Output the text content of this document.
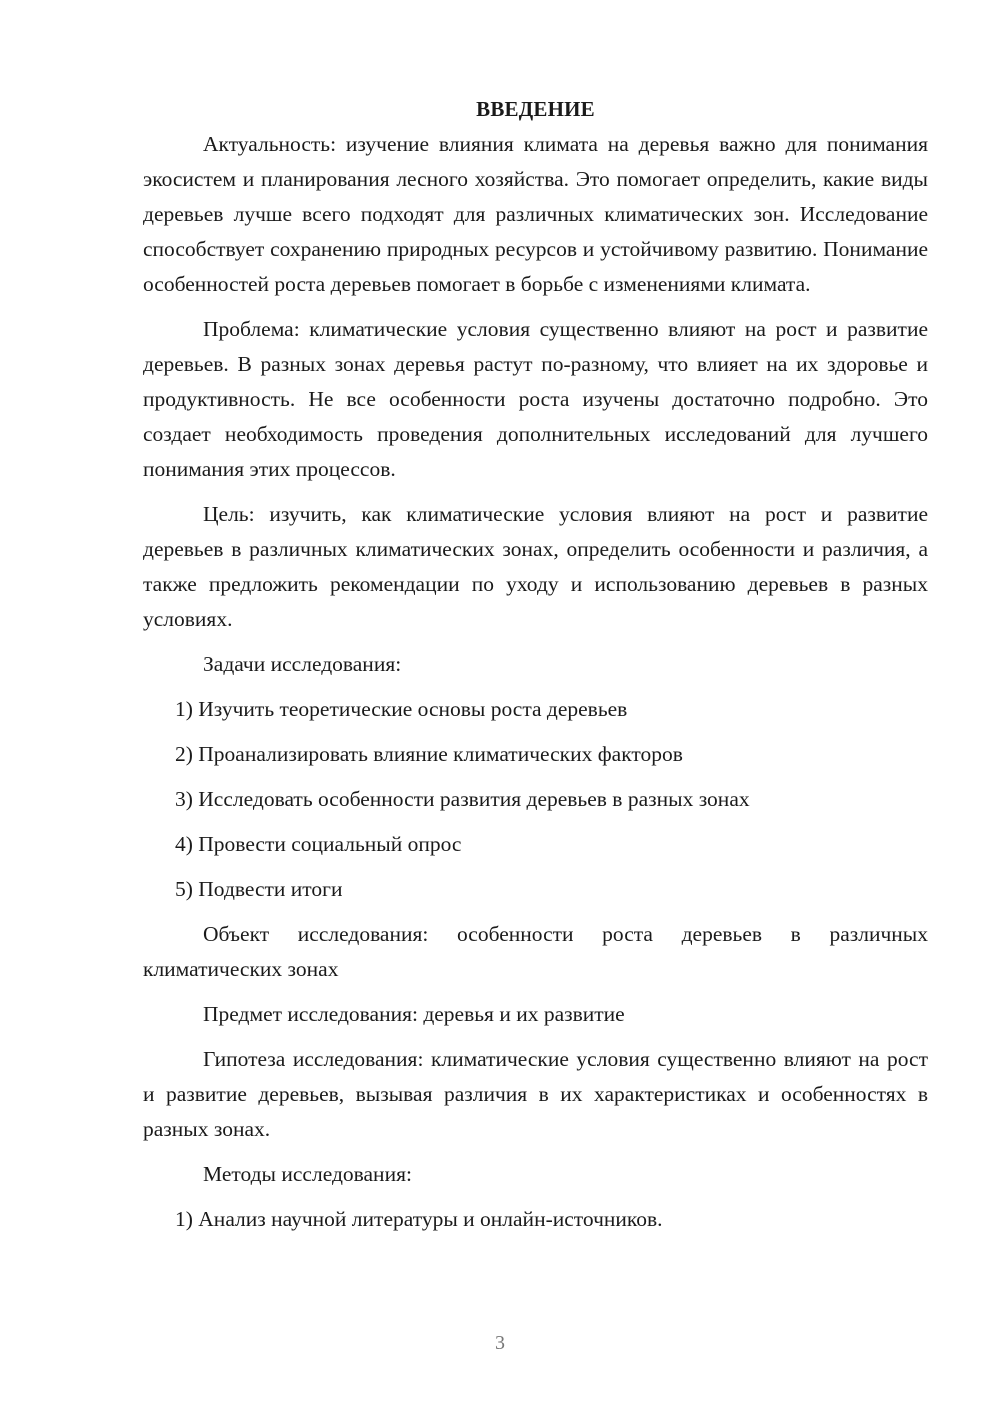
ВВЕДЕНИЕ

Актуальность: изучение влияния климата на деревья важно для понимания экосистем и планирования лесного хозяйства. Это помогает определить, какие виды деревьев лучше всего подходят для различных климатических зон. Исследование способствует сохранению природных ресурсов и устойчивому развитию. Понимание особенностей роста деревьев помогает в борьбе с изменениями климата.

Проблема: климатические условия существенно влияют на рост и развитие деревьев. В разных зонах деревья растут по-разному, что влияет на их здоровье и продуктивность. Не все особенности роста изучены достаточно подробно. Это создает необходимость проведения дополнительных исследований для лучшего понимания этих процессов.

Цель: изучить, как климатические условия влияют на рост и развитие деревьев в различных климатических зонах, определить особенности и различия, а также предложить рекомендации по уходу и использованию деревьев в разных условиях.

Задачи исследования:

1) Изучить теоретические основы роста деревьев

2) Проанализировать влияние климатических факторов

3) Исследовать особенности развития деревьев в разных зонах

4) Провести социальный опрос

5) Подвести итоги

Объект исследования: особенности роста деревьев в различных климатических зонах

Предмет исследования: деревья и их развитие

Гипотеза исследования: климатические условия существенно влияют на рост и развитие деревьев, вызывая различия в их характеристиках и особенностях в разных зонах.

Методы исследования:

1) Анализ научной литературы и онлайн-источников.

3
